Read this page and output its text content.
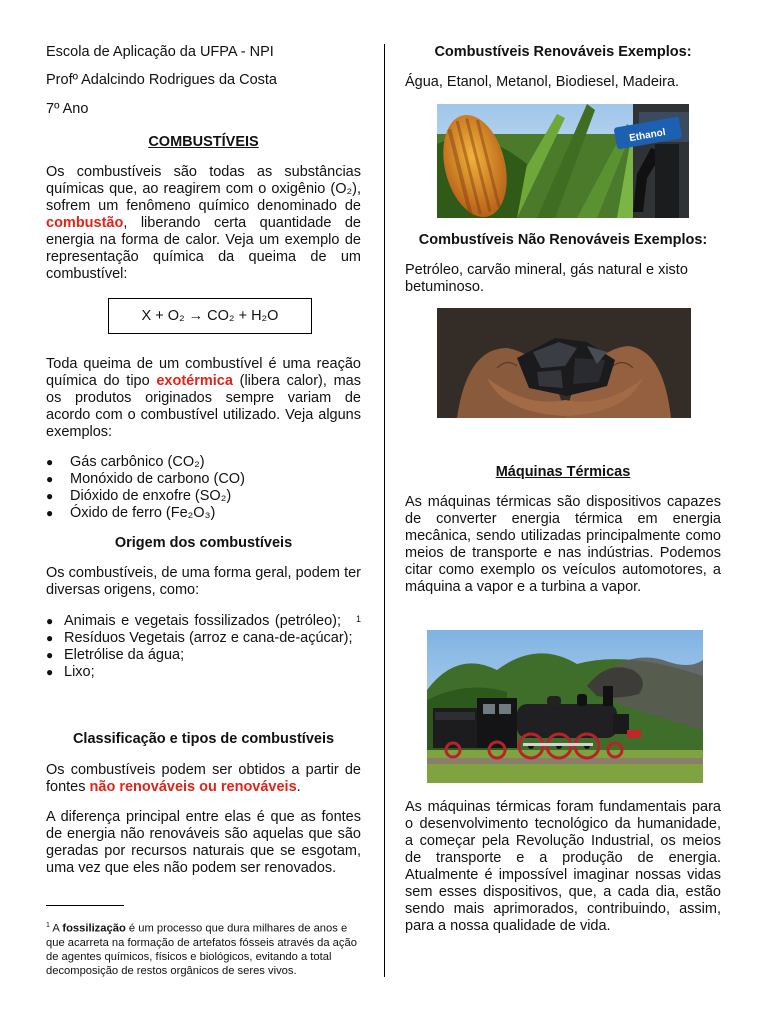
Escola de Aplicação da UFPA - NPI

Profº Adalcindo Rodrigues da Costa

7º Ano

COMBUSTÍVEIS

Os combustíveis são todas as substâncias químicas que, ao reagirem com o oxigênio (O₂), sofrem um fenômeno químico denominado de combustão, liberando certa quantidade de energia na forma de calor. Veja um exemplo de representação química da queima de um combustível:

X + O₂ → CO₂ + H₂O

Toda queima de um combustível é uma reação química do tipo exotérmica (libera calor), mas os produtos originados sempre variam de acordo com o combustível utilizado. Veja alguns exemplos:

● Gás carbônico (CO₂)
● Monóxido de carbono (CO)
● Dióxido de enxofre (SO₂)
● Óxido de ferro (Fe₂O₃)

Origem dos combustíveis

Os combustíveis, de uma forma geral, podem ter diversas origens, como:

● Animais e vegetais fossilizados (petróleo);	1
● Resíduos Vegetais (arroz e cana-de-açúcar);
● Eletrólise da água;
● Lixo;

Classificação e tipos de combustíveis

Os combustíveis podem ser obtidos a partir de fontes não renováveis ou renováveis.

A diferença principal entre elas é que as fontes de energia não renováveis são aquelas que são geradas por recursos naturais que se esgotam, uma vez que eles não podem ser renovados.

$^1$ A fossilização é um processo que dura milhares de anos e que acarreta na formação de artefatos fósseis através da ação de agentes químicos, físicos e biológicos, evitando a total decomposição de restos orgânicos de seres vivos.

Combustíveis Renováveis Exemplos:

Água, Etanol, Metanol, Biodiesel, Madeira.

Ethanol

Combustíveis Não Renováveis Exemplos:

Petróleo, carvão mineral, gás natural e xisto betuminoso.

Máquinas Térmicas

As máquinas térmicas são dispositivos capazes de converter energia térmica em energia mecânica, sendo utilizadas principalmente como meios de transporte e nas indústrias. Podemos citar como exemplo os veículos automotores, a máquina a vapor e a turbina a vapor.

As máquinas térmicas foram fundamentais para o desenvolvimento tecnológico da humanidade, a começar pela Revolução Industrial, os meios de transporte e a produção de energia. Atualmente é impossível imaginar nossas vidas sem esses dispositivos, que, a cada dia, estão sendo mais aprimorados, contribuindo, assim, para a nossa qualidade de vida.
